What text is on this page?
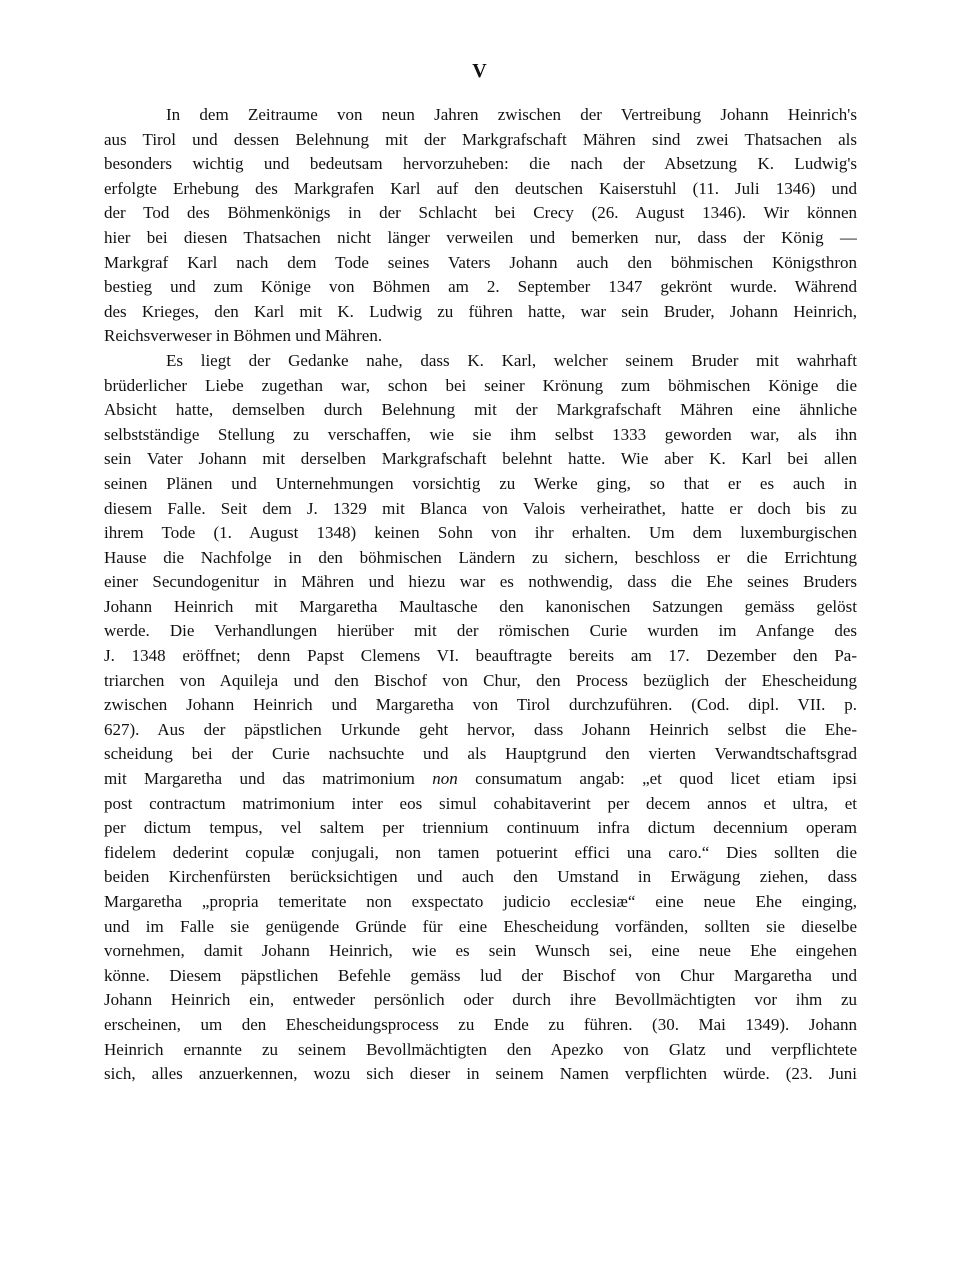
V
In dem Zeitraume von neun Jahren zwischen der Vertreibung Johann Heinrich's
aus Tirol und dessen Belehnung mit der Markgrafschaft Mähren sind zwei Thatsachen als
besonders wichtig und bedeutsam hervorzuheben: die nach der Absetzung K. Ludwig's
erfolgte Erhebung des Markgrafen Karl auf den deutschen Kaiserstuhl (11. Juli 1346) und
der Tod des Böhmenkönigs in der Schlacht bei Crecy (26. August 1346). Wir können
hier bei diesen Thatsachen nicht länger verweilen und bemerken nur, dass der König —
Markgraf Karl nach dem Tode seines Vaters Johann auch den böhmischen Königsthron
bestieg und zum Könige von Böhmen am 2. September 1347 gekrönt wurde. Während
des Krieges, den Karl mit K. Ludwig zu führen hatte, war sein Bruder, Johann Heinrich,
Reichsverweser in Böhmen und Mähren.
Es liegt der Gedanke nahe, dass K. Karl, welcher seinem Bruder mit wahrhaft
brüderlicher Liebe zugethan war, schon bei seiner Krönung zum böhmischen Könige die
Absicht hatte, demselben durch Belehnung mit der Markgrafschaft Mähren eine ähnliche
selbstständige Stellung zu verschaffen, wie sie ihm selbst 1333 geworden war, als ihn
sein Vater Johann mit derselben Markgrafschaft belehnt hatte. Wie aber K. Karl bei allen
seinen Plänen und Unternehmungen vorsichtig zu Werke ging, so that er es auch in
diesem Falle. Seit dem J. 1329 mit Blanca von Valois verheirathet, hatte er doch bis zu
ihrem Tode (1. August 1348) keinen Sohn von ihr erhalten. Um dem luxemburgischen
Hause die Nachfolge in den böhmischen Ländern zu sichern, beschloss er die Errichtung
einer Secundogenitur in Mähren und hiezu war es nothwendig, dass die Ehe seines Bruders
Johann Heinrich mit Margaretha Maultasche den kanonischen Satzungen gemäss gelöst
werde. Die Verhandlungen hierüber mit der römischen Curie wurden im Anfange des
J. 1348 eröffnet; denn Papst Clemens VI. beauftragte bereits am 17. Dezember den Pa-
triarchen von Aquileja und den Bischof von Chur, den Process bezüglich der Ehescheidung
zwischen Johann Heinrich und Margaretha von Tirol durchzuführen. (Cod. dipl. VII. p.
627). Aus der päpstlichen Urkunde geht hervor, dass Johann Heinrich selbst die Ehe-
scheidung bei der Curie nachsuchte und als Hauptgrund den vierten Verwandtschaftsgrad
mit Margaretha und das matrimonium non consumatum angab: „et quod licet etiam ipsi
post contractum matrimonium inter eos simul cohabitaverint per decem annos et ultra, et
per dictum tempus, vel saltem per triennium continuum infra dictum decennium operam
fidelem dederint copulæ conjugali, non tamen potuerint effici una caro.“ Dies sollten die
beiden Kirchenfürsten berücksichtigen und auch den Umstand in Erwägung ziehen, dass
Margaretha „propria temeritate non exspectato judicio ecclesiæ“ eine neue Ehe einging,
und im Falle sie genügende Gründe für eine Ehescheidung vorfänden, sollten sie dieselbe
vornehmen, damit Johann Heinrich, wie es sein Wunsch sei, eine neue Ehe eingehen
könne. Diesem päpstlichen Befehle gemäss lud der Bischof von Chur Margaretha und
Johann Heinrich ein, entweder persönlich oder durch ihre Bevollmächtigten vor ihm zu
erscheinen, um den Ehescheidungsprocess zu Ende zu führen. (30. Mai 1349). Johann
Heinrich ernannte zu seinem Bevollmächtigten den Apezko von Glatz und verpflichtete
sich, alles anzuerkennen, wozu sich dieser in seinem Namen verpflichten würde. (23. Juni
